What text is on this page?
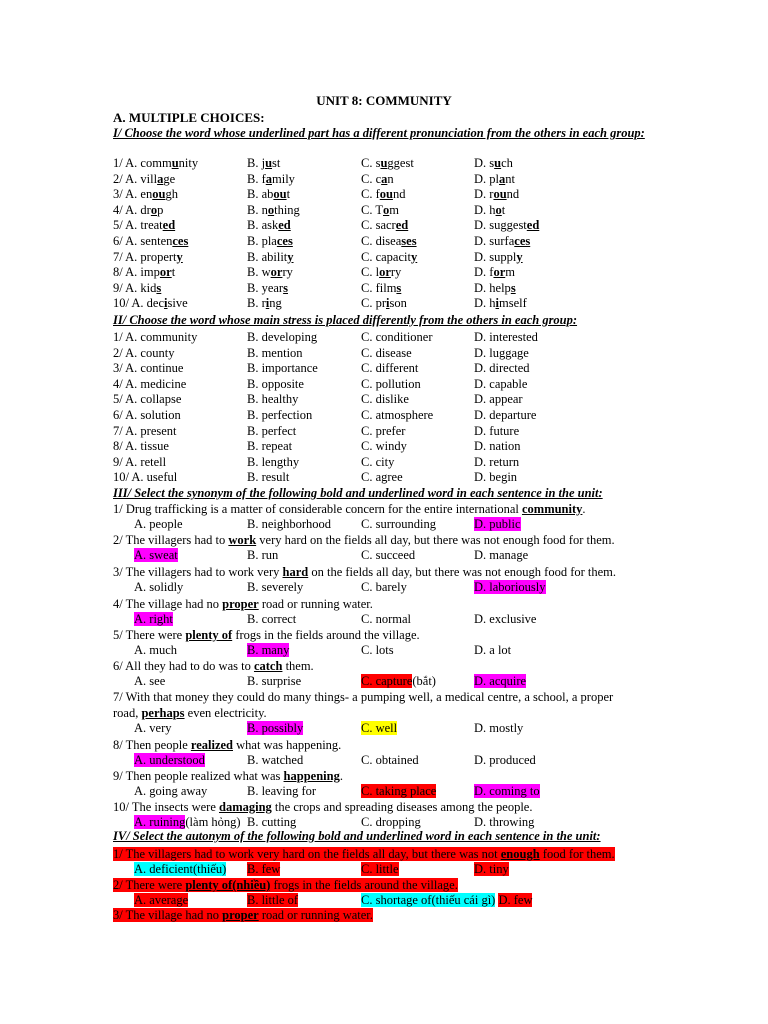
UNIT 8: COMMUNITY
A. MULTIPLE CHOICES:
I/ Choose the word whose underlined part has a different pronunciation from the others in each group:
1/ A. community	B. just	C. suggest	D. such
2/ A. village	B. family	C. can	D. plant
3/ A. enough	B. about	C. found	D. round
4/ A. drop	B. nothing	C. Tom	D. hot
5/ A. treated	B. asked	C. sacred	D. suggested
6/ A. sentences	B. places	C. diseases	D. surfaces
7/ A. property	B. ability	C. capacity	D. supply
8/ A. import	B. worry	C. lorry	D. form
9/ A. kids	B. years	C. films	D. helps
10/ A. decisive	B. ring	C. prison	D. himself
II/ Choose the word whose main stress is placed differently from the others in each group:
1/ A. community	B. developing	C. conditioner	D. interested
2/ A. county	B. mention	C. disease	D. luggage
3/ A. continue	B. importance	C. different	D. directed
4/ A. medicine	B. opposite	C. pollution	D. capable
5/ A. collapse	B. healthy	C. dislike	D. appear
6/ A. solution	B. perfection	C. atmosphere	D. departure
7/ A. present	B. perfect	C. prefer	D. future
8/ A. tissue	B. repeat	C. windy	D. nation
9/ A. retell	B. lengthy	C. city	D. return
10/ A. useful	B. result	C. agree	D. begin
III/ Select the synonym of the following bold and underlined word in each sentence in the unit:
1/ Drug trafficking is a matter of considerable concern for the entire international community.
A. people	B. neighborhood C. surrounding	D. public
2/ The villagers had to work very hard on the fields all day, but there was not enough food for them.
A. sweat	B. run	C. succeed	D. manage
3/ The villagers had to work very hard on the fields all day, but there was not enough food for them.
A. solidly	B. severely	C. barely	D. laboriously
4/ The village had no proper road or running water.
A. right	B. correct	C. normal	D. exclusive
5/ There were plenty of frogs in the fields around the village.
A. much	B. many	C. lots	D. a lot
6/ All they had to do was to catch them.
A. see	B. surprise	C. capture(bắt)	D. acquire
7/ With that money they could do many things- a pumping well, a medical centre, a school, a proper
road, perhaps even electricity.
A. very	B. possibly	C. well	D. mostly
8/ Then people realized what was happening.
A. understood	B. watched	C. obtained	D. produced
9/ Then people realized what was happening.
A. going away	B. leaving for	C. taking place	D. coming to
10/ The insects were damaging the crops and spreading diseases among the people.
A. ruining(làm hỏng) B. cutting	C. dropping	D. throwing
IV/ Select the autonym of the following bold and underlined word in each sentence in the unit:
1/ The villagers had to work very hard on the fields all day, but there was not enough food for them.
A. deficient(thiếu) B. few	C. little	D. tiny
2/ There were plenty of(nhiều) frogs in the fields around the village.
A. average	B. little of	C. shortage of(thiếu cái gì) D. few
3/ The village had no proper road or running water.
